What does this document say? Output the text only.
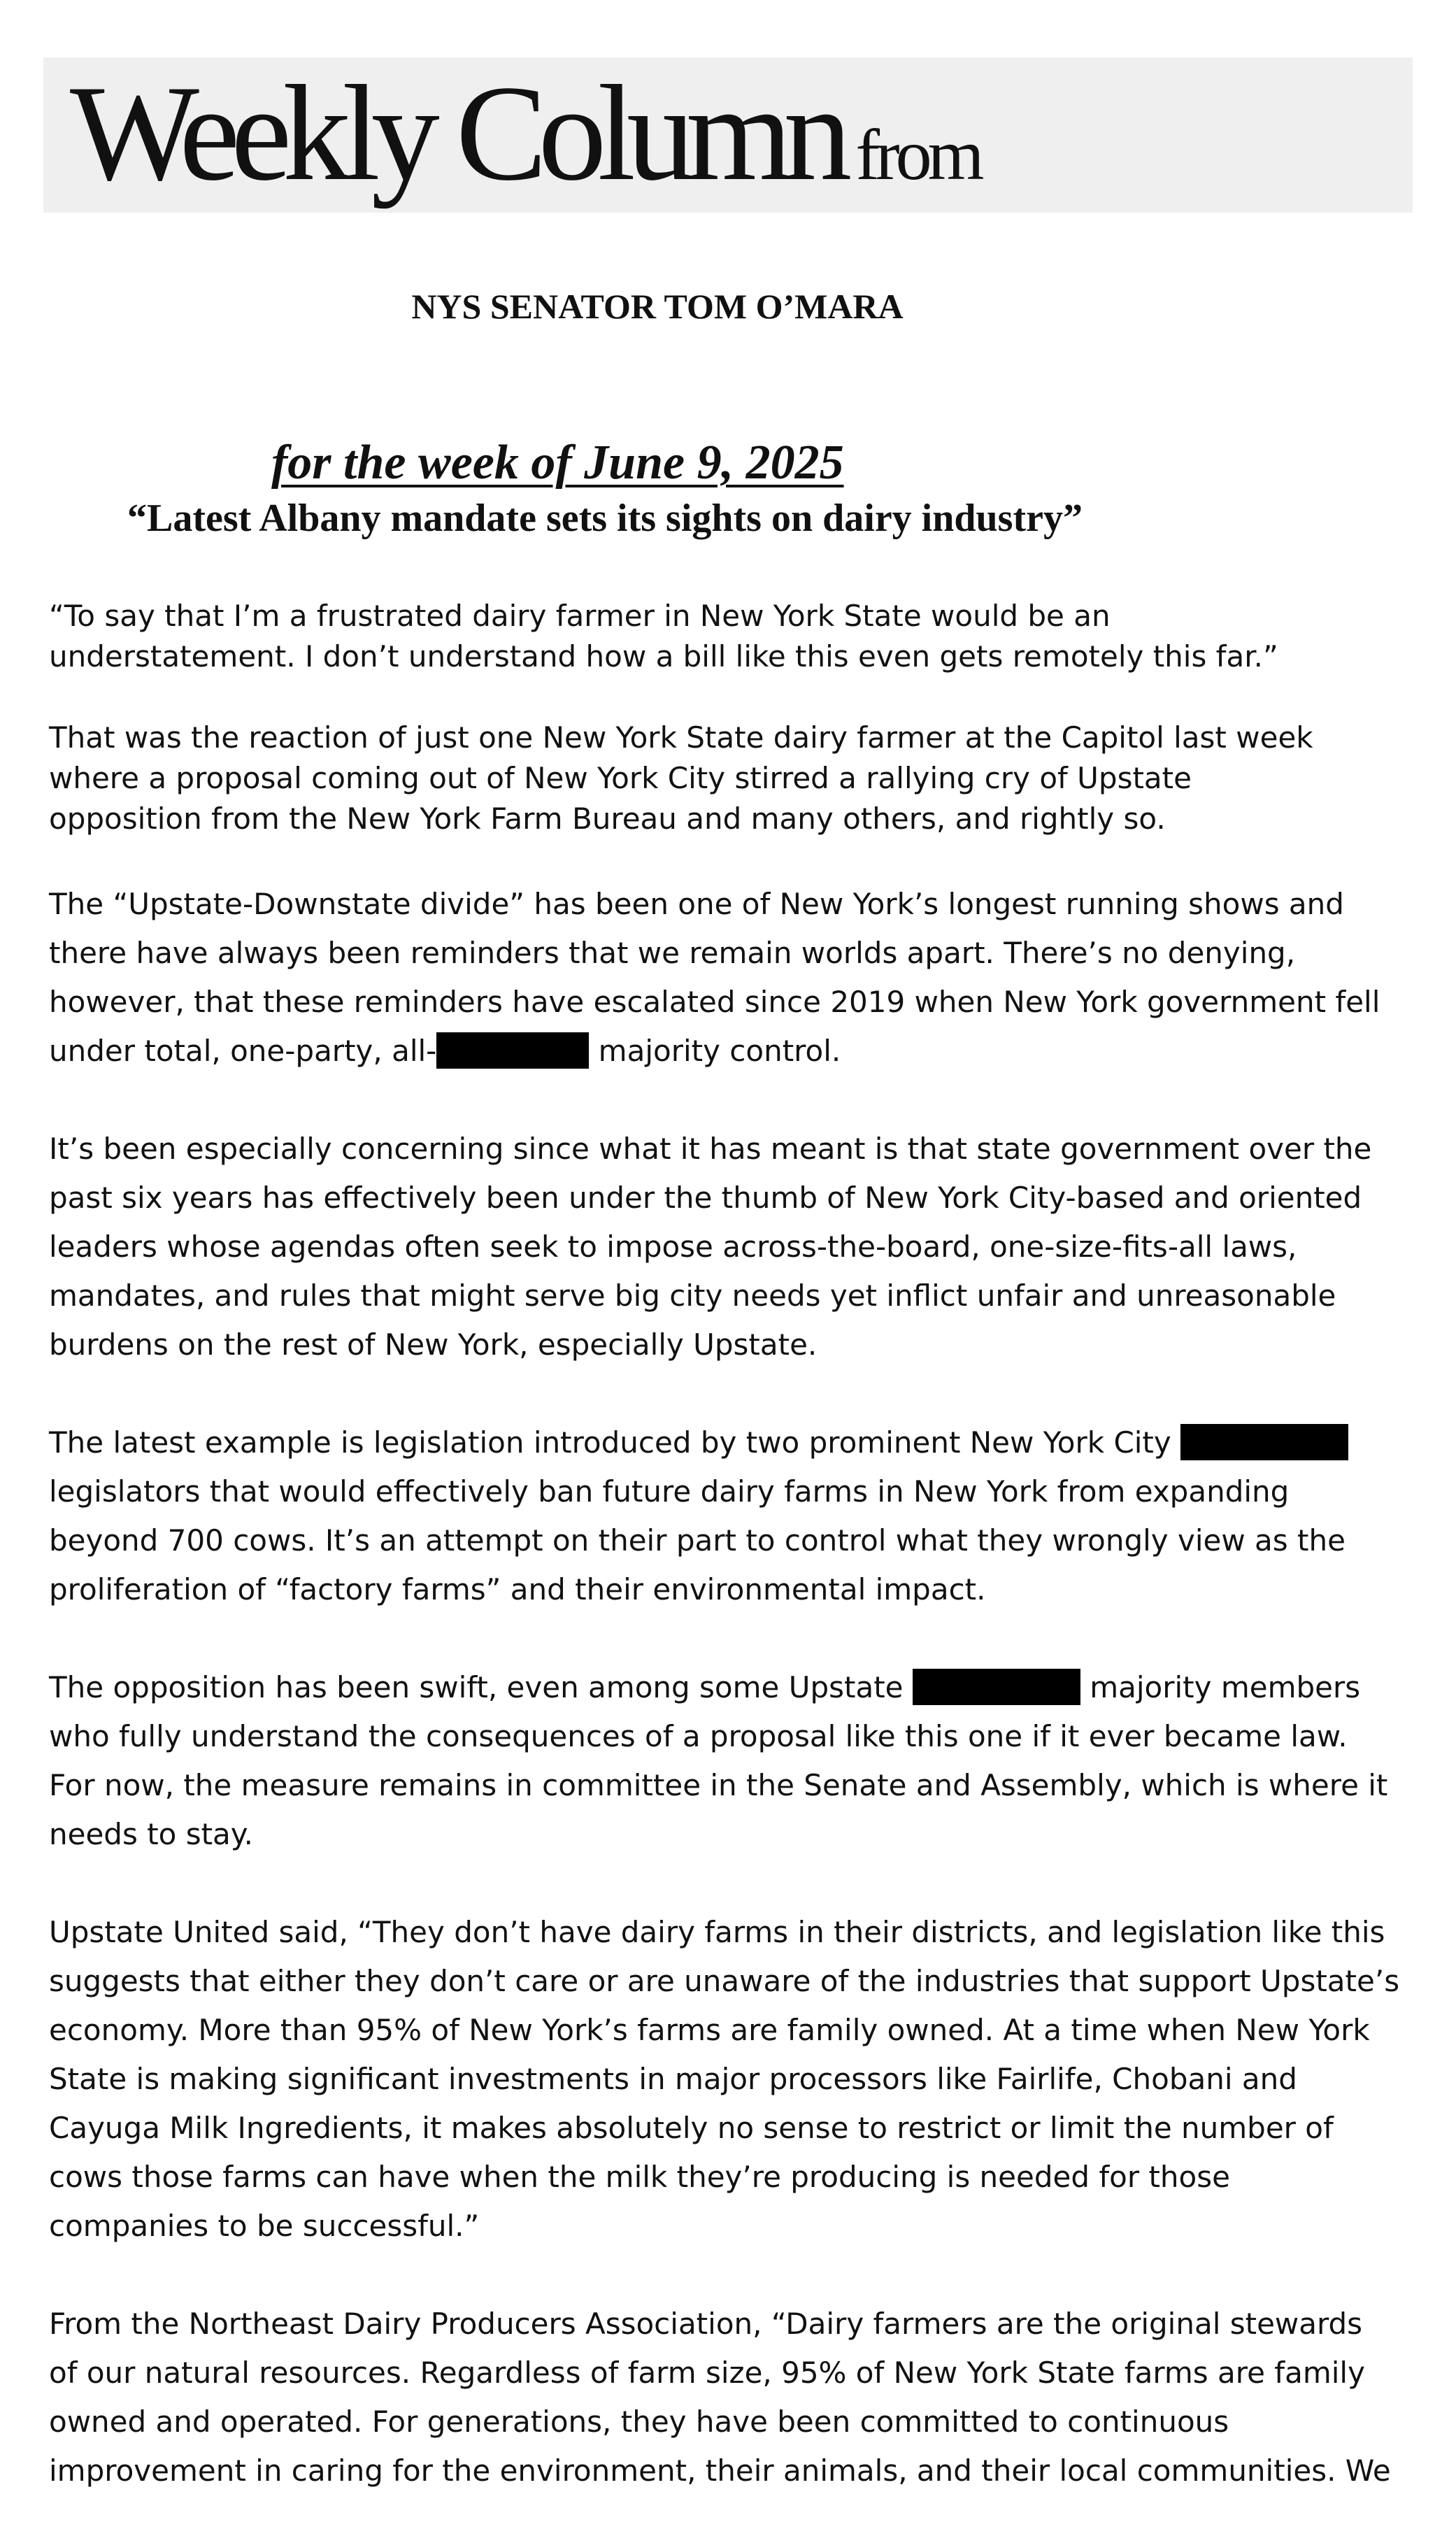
Weekly Column from
NYS SENATOR TOM O’MARA
for the week of June 9, 2025
“Latest Albany mandate sets its sights on dairy industry”
“To say that I’m a frustrated dairy farmer in New York State would be an
understatement. I don’t understand how a bill like this even gets remotely this far.”
That was the reaction of just one New York State dairy farmer at the Capitol last week
where a proposal coming out of New York City stirred a rallying cry of Upstate
opposition from the New York Farm Bureau and many others, and rightly so.
The “Upstate-Downstate divide” has been one of New York’s longest running shows and
there have always been reminders that we remain worlds apart. There’s no denying,
however, that these reminders have escalated since 2019 when New York government fell
under total, one-party, all-	majority control.
It’s been especially concerning since what it has meant is that state government over the
past six years has effectively been under the thumb of New York City-based and oriented
leaders whose agendas often seek to impose across-the-board, one-size-fits-all laws,
mandates, and rules that might serve big city needs yet inflict unfair and unreasonable
burdens on the rest of New York, especially Upstate.
The latest example is legislation introduced by two prominent New York City
legislators that would effectively ban future dairy farms in New York from expanding
beyond 700 cows. It’s an attempt on their part to control what they wrongly view as the
proliferation of “factory farms” and their environmental impact.
The opposition has been swift, even among some Upstate	majority members
who fully understand the consequences of a proposal like this one if it ever became law.
For now, the measure remains in committee in the Senate and Assembly, which is where it
needs to stay.
Upstate United said, “They don’t have dairy farms in their districts, and legislation like this
suggests that either they don’t care or are unaware of the industries that support Upstate’s
economy. More than 95% of New York’s farms are family owned. At a time when New York
State is making significant investments in major processors like Fairlife, Chobani and
Cayuga Milk Ingredients, it makes absolutely no sense to restrict or limit the number of
cows those farms can have when the milk they’re producing is needed for those
companies to be successful.”
From the Northeast Dairy Producers Association, “Dairy farmers are the original stewards
of our natural resources. Regardless of farm size, 95% of New York State farms are family
owned and operated. For generations, they have been committed to continuous
improvement in caring for the environment, their animals, and their local communities. We
